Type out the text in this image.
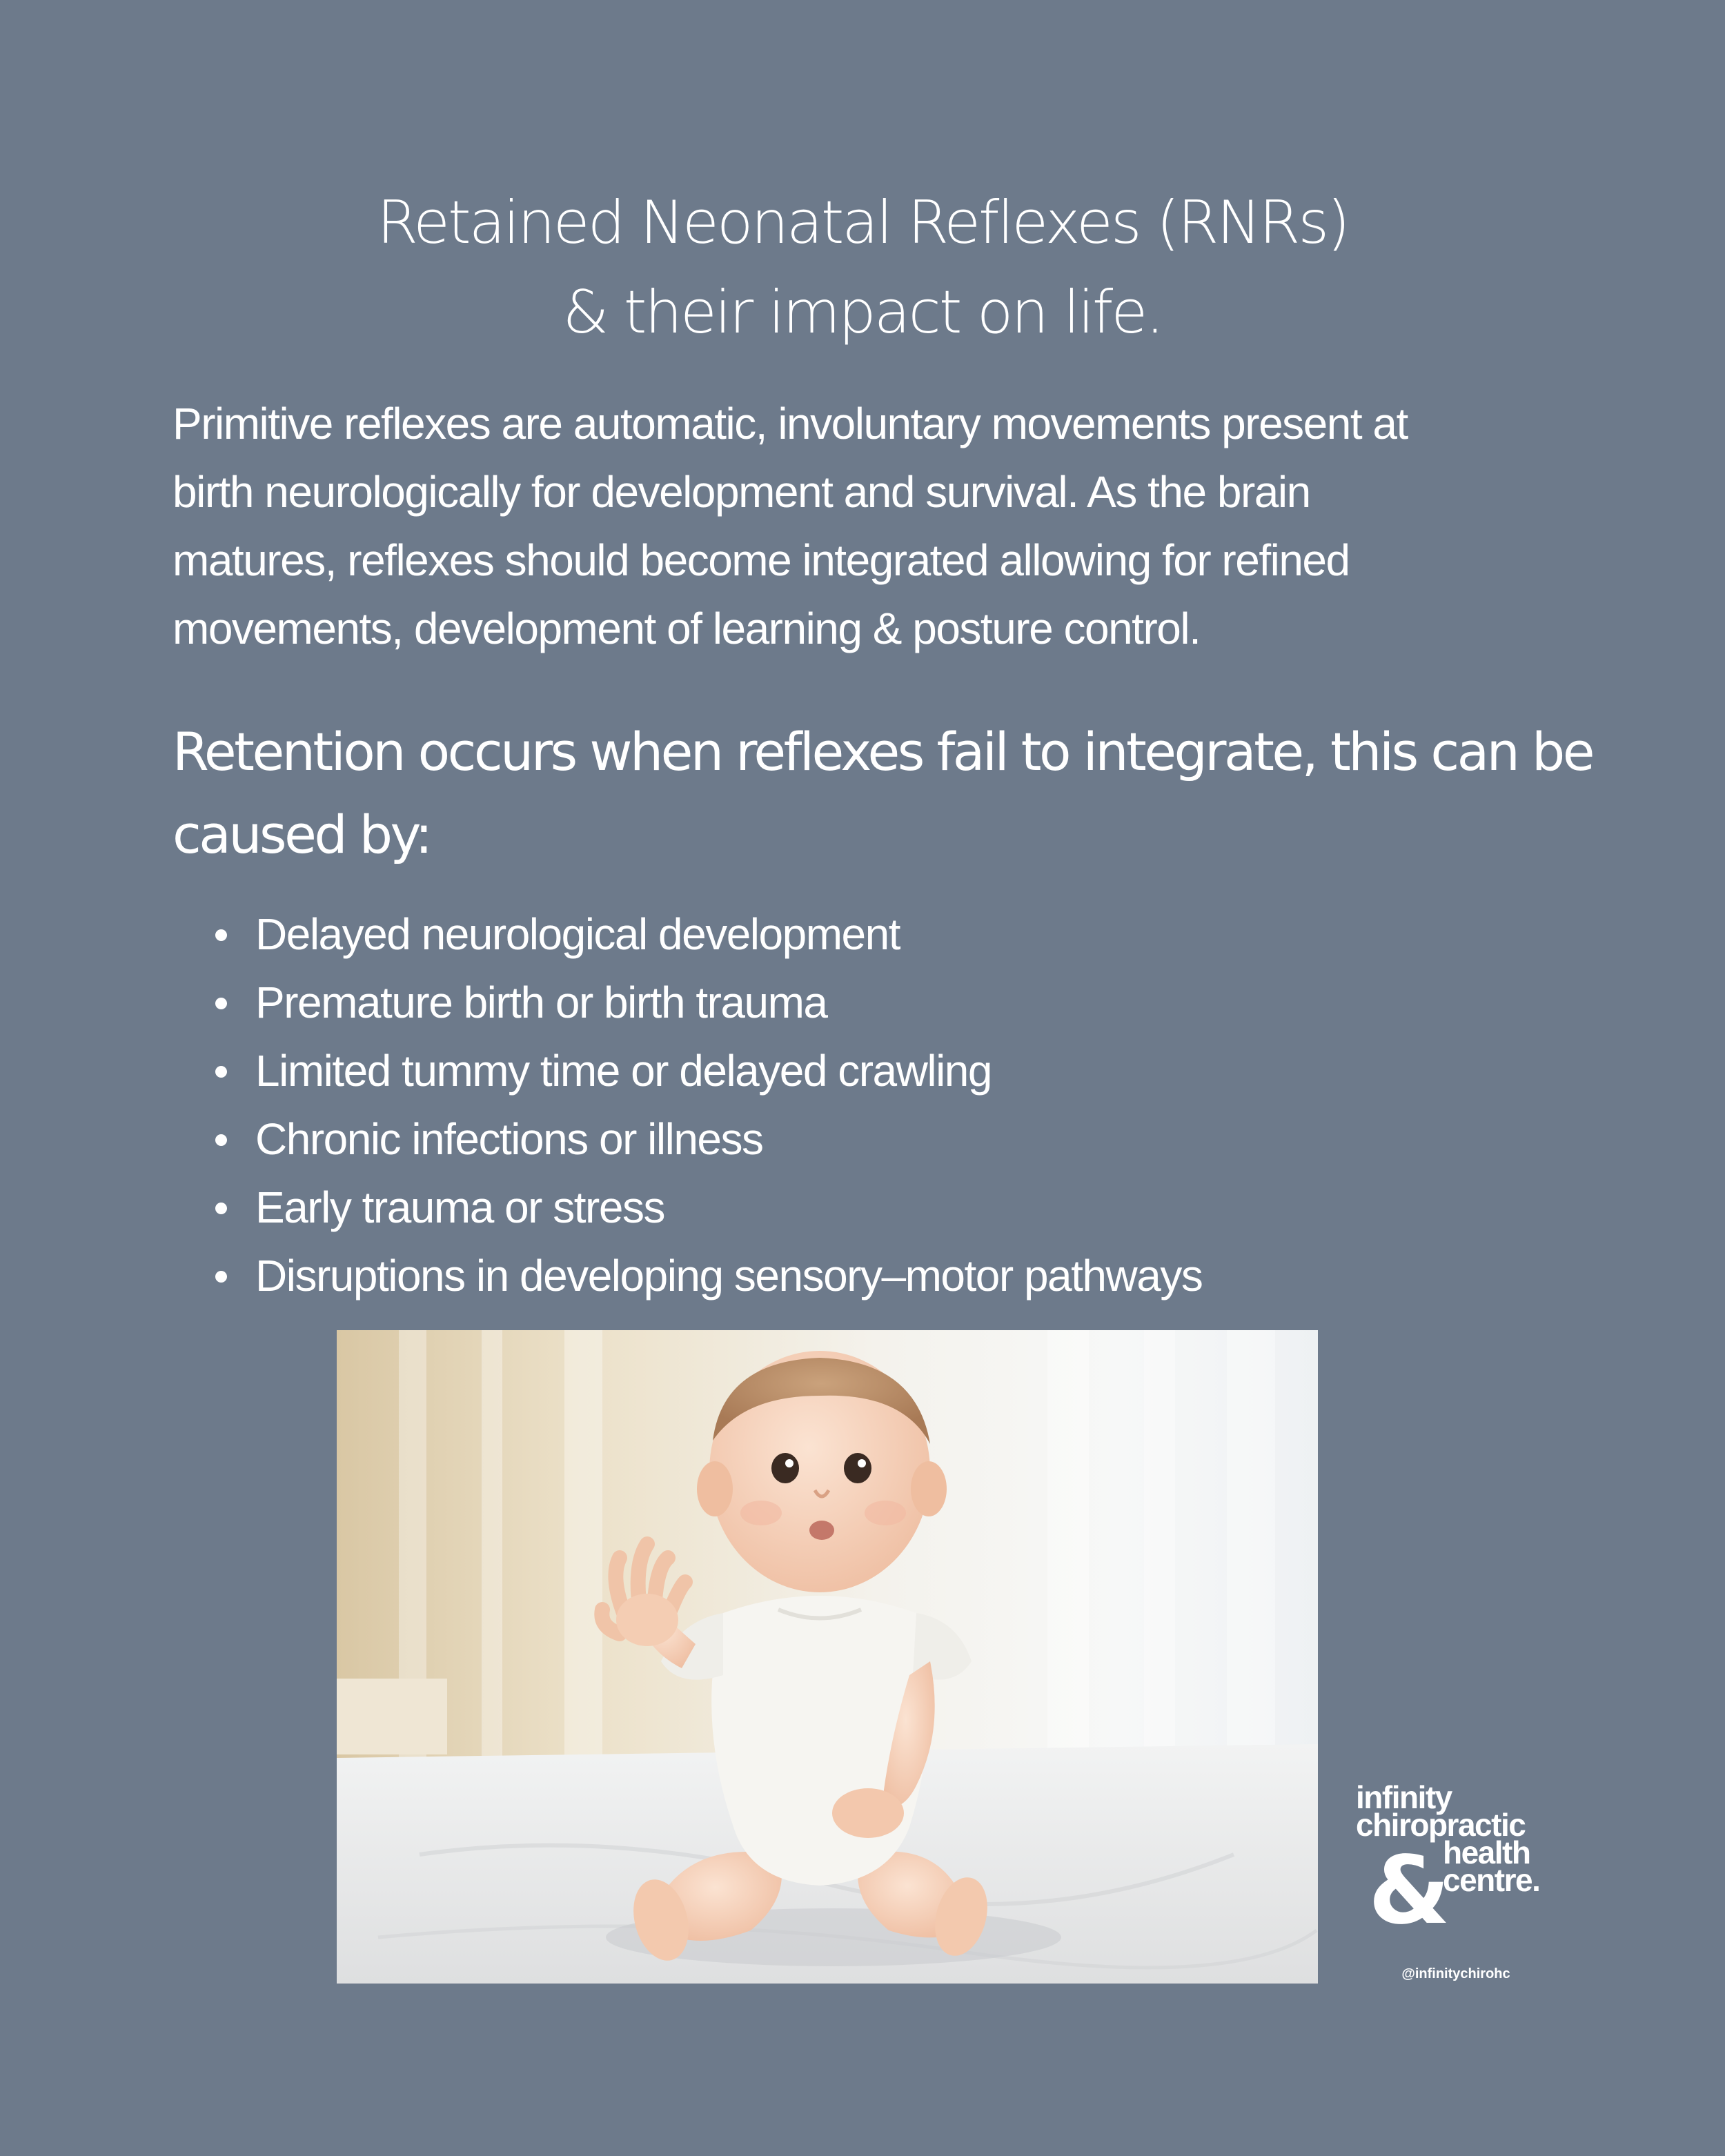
Retained Neonatal Reflexes (RNRs)
& their impact on life.

Primitive reflexes are automatic, involuntary movements present at
birth neurologically for development and survival. As the brain
matures, reflexes should become integrated allowing for refined
movements, development of learning & posture control.

Retention occurs when reflexes fail to integrate, this can be
caused by:

Delayed neurological development
Premature birth or birth trauma
Limited tummy time or delayed crawling
Chronic infections or illness
Early trauma or stress
Disruptions in developing sensory–motor pathways
infinity
chiropractic
health
&
centre.
@infinitychirohc
